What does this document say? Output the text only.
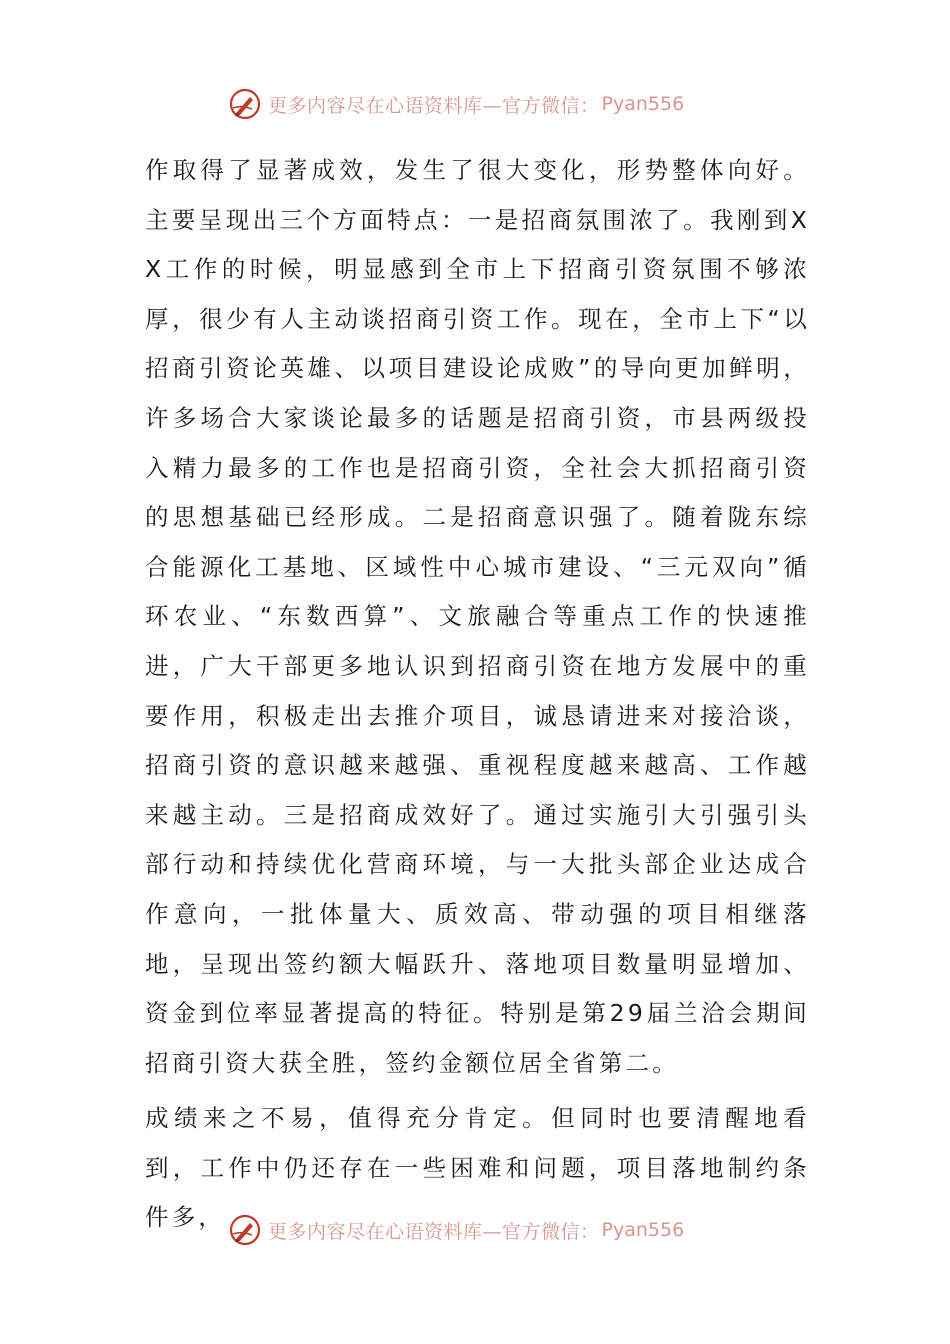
更多内容尽在心语资料库—官方微信： Pyan556

作取得了显著成效，发生了很大变化，形势整体向好。主要呈现出三个方面特点：一是招商氛围浓了。我刚到XX工作的时候，明显感到全市上下招商引资氛围不够浓厚，很少有人主动谈招商引资工作。现在，全市上下“以招商引资论英雄、以项目建设论成败”的导向更加鲜明，许多场合大家谈论最多的话题是招商引资，市县两级投入精力最多的工作也是招商引资，全社会大抓招商引资的思想基础已经形成。二是招商意识强了。随着陇东综合能源化工基地、区域性中心城市建设、“三元双向”循环农业、“东数西算”、文旅融合等重点工作的快速推进，广大干部更多地认识到招商引资在地方发展中的重要作用，积极走出去推介项目，诚恳请进来对接洽谈，招商引资的意识越来越强、重视程度越来越高、工作越来越主动。三是招商成效好了。通过实施引大引强引头部行动和持续优化营商环境，与一大批头部企业达成合作意向，一批体量大、质效高、带动强的项目相继落地，呈现出签约额大幅跃升、落地项目数量明显增加、资金到位率显著提高的特征。特别是第29届兰洽会期间招商引资大获全胜，签约金额位居全省第二。

成绩来之不易，值得充分肯定。但同时也要清醒地看到，工作中仍还存在一些困难和问题，项目落地制约条件多，

更多内容尽在心语资料库—官方微信： Pyan556
